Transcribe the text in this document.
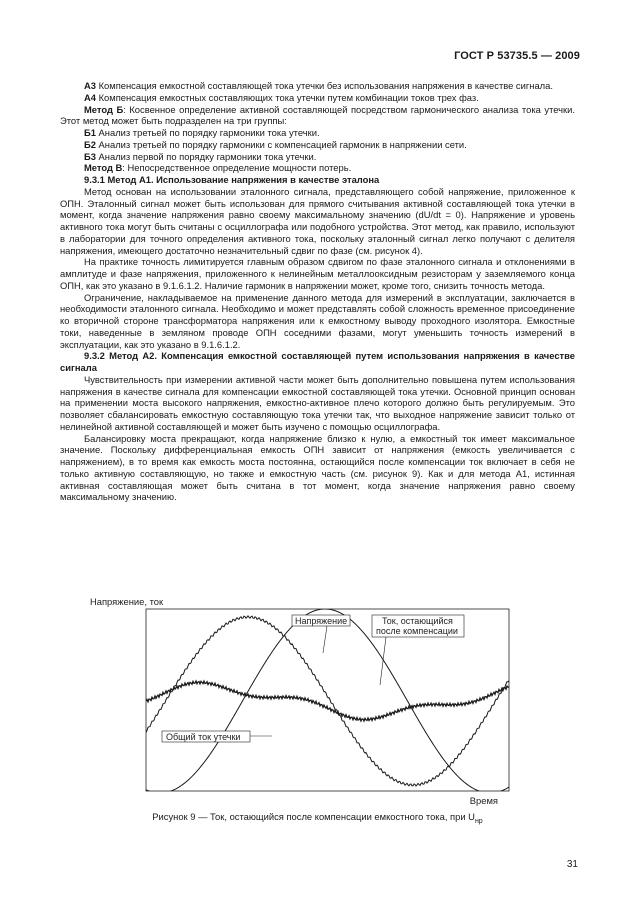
ГОСТ Р 53735.5 — 2009

А3 Компенсация емкостной составляющей тока утечки без использования напряжения в качестве сигнала.

А4 Компенсация емкостных составляющих тока утечки путем комбинации токов трех фаз.

Метод Б: Косвенное определение активной составляющей посредством гармонического анализа тока утечки. Этот метод может быть подразделен на три группы:

Б1 Анализ третьей по порядку гармоники тока утечки.

Б2 Анализ третьей по порядку гармоники с компенсацией гармоник в напряжении сети.

Б3 Анализ первой по порядку гармоники тока утечки.

Метод В: Непосредственное определение мощности потерь.

9.3.1 Метод А1. Использование напряжения в качестве эталона

Метод основан на использовании эталонного сигнала, представляющего собой напряжение, приложенное к ОПН. Эталонный сигнал может быть использован для прямого считывания активной составляющей тока утечки в момент, когда значение напряжения равно своему максимальному значению (dU/dt = 0). Напряжение и уровень активного тока могут быть считаны с осциллографа или подобного устройства. Этот метод, как правило, используют в лаборатории для точного определения активного тока, поскольку эталонный сигнал легко получают с делителя напряжения, имеющего достаточно незначительный сдвиг по фазе (см. рисунок 4).

На практике точность лимитируется главным образом сдвигом по фазе эталонного сигнала и отклонениями в амплитуде и фазе напряжения, приложенного к нелинейным металлооксидным резисторам у заземляемого конца ОПН, как это указано в 9.1.6.1.2. Наличие гармоник в напряжении может, кроме того, снизить точность метода.

Ограничение, накладываемое на применение данного метода для измерений в эксплуатации, заключается в необходимости эталонного сигнала. Необходимо и может представлять собой сложность временное присоединение ко вторичной стороне трансформатора напряжения или к емкостному выводу проходного изолятора. Емкостные токи, наведенные в земляном проводе ОПН соседними фазами, могут уменьшить точность измерений в эксплуатации, как это указано в 9.1.6.1.2.

9.3.2 Метод А2. Компенсация емкостной составляющей путем использования напряжения в качестве сигнала

Чувствительность при измерении активной части может быть дополнительно повышена путем использования напряжения в качестве сигнала для компенсации емкостной составляющей тока утечки. Основной принцип основан на применении моста высокого напряжения, емкостно-активное плечо которого должно быть регулируемым. Это позволяет сбалансировать емкостную составляющую тока утечки так, что выходное напряжение зависит только от нелинейной активной составляющей и может быть изучено с помощью осциллографа.

Балансировку моста прекращают, когда напряжение близко к нулю, а емкостный ток имеет максимальное значение. Поскольку дифференциальная емкость ОПН зависит от напряжения (емкость увеличивается с напряжением), в то время как емкость моста постоянна, остающийся после компенсации ток включает в себя не только активную составляющую, но также и емкостную часть (см. рисунок 9). Как и для метода А1, истинная активная составляющая может быть считана в тот момент, когда значение напряжения равно своему максимальному значению.

Напряжение, ток
Напряжение	Ток, остающийся
после компенсации
Общий ток утечки
Время
Рисунок 9 — Ток, остающийся после компенсации емкостного тока, при $U_{нр}$
31
